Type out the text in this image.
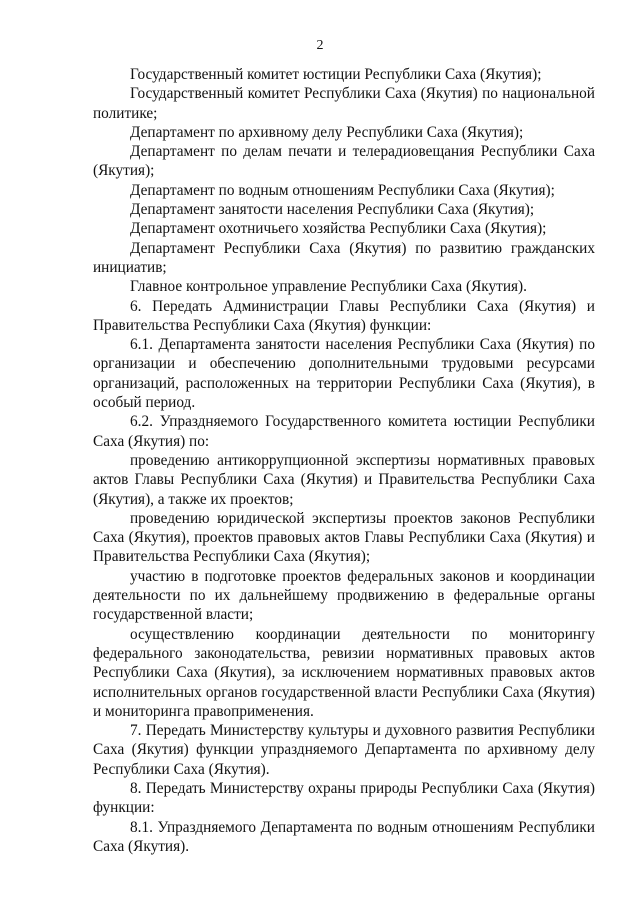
2

Государственный комитет юстиции Республики Саха (Якутия);

Государственный комитет Республики Саха (Якутия) по национальной политике;

Департамент по архивному делу Республики Саха (Якутия);

Департамент по делам печати и телерадиовещания Республики Саха (Якутия);

Департамент по водным отношениям Республики Саха (Якутия);

Департамент занятости населения Республики Саха (Якутия);

Департамент охотничьего хозяйства Республики Саха (Якутия);

Департамент Республики Саха (Якутия) по развитию гражданских инициатив;

Главное контрольное управление Республики Саха (Якутия).

6. Передать Администрации Главы Республики Саха (Якутия) и Правительства Республики Саха (Якутия) функции:

6.1. Департамента занятости населения Республики Саха (Якутия) по организации и обеспечению дополнительными трудовыми ресурсами организаций, расположенных на территории Республики Саха (Якутия), в особый период.

6.2. Упраздняемого Государственного комитета юстиции Республики Саха (Якутия) по:

проведению антикоррупционной экспертизы нормативных правовых актов Главы Республики Саха (Якутия) и Правительства Республики Саха (Якутия), а также их проектов;

проведению юридической экспертизы проектов законов Республики Саха (Якутия), проектов правовых актов Главы Республики Саха (Якутия) и Правительства Республики Саха (Якутия);

участию в подготовке проектов федеральных законов и координации деятельности по их дальнейшему продвижению в федеральные органы государственной власти;

осуществлению координации деятельности по мониторингу федерального законодательства, ревизии нормативных правовых актов Республики Саха (Якутия), за исключением нормативных правовых актов исполнительных органов государственной власти Республики Саха (Якутия) и мониторинга правоприменения.

7. Передать Министерству культуры и духовного развития Республики Саха (Якутия) функции упраздняемого Департамента по архивному делу Республики Саха (Якутия).

8. Передать Министерству охраны природы Республики Саха (Якутия) функции:

8.1. Упраздняемого Департамента по водным отношениям Республики Саха (Якутия).
